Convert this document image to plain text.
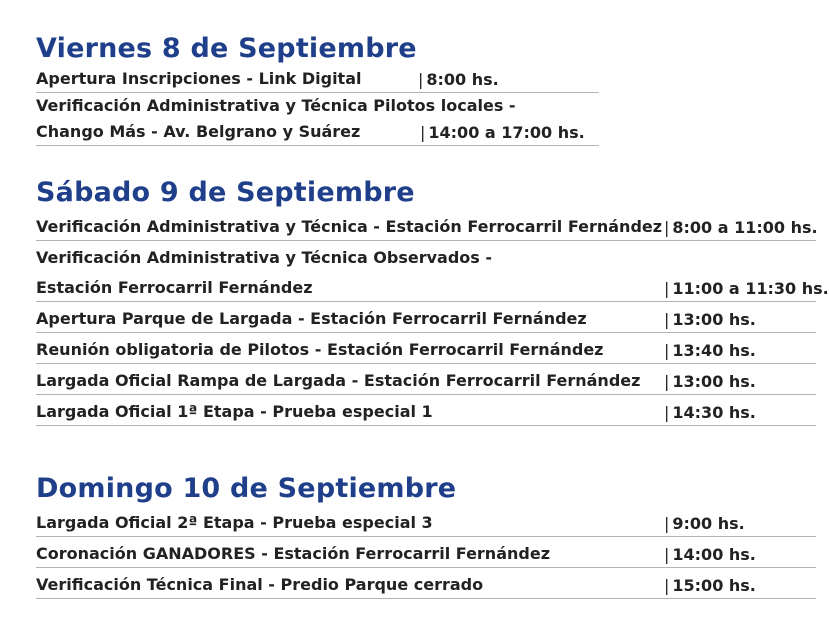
Viernes 8 de Septiembre
Apertura Inscripciones - Link Digital	| 8:00 hs.
Verificación Administrativa y Técnica Pilotos locales -
Chango Más - Av. Belgrano y Suárez	| 14:00 a 17:00 hs.
Sábado 9 de Septiembre
Verificación Administrativa y Técnica - Estación Ferrocarril Fernández | 8:00 a 11:00 hs.
Verificación Administrativa y Técnica Observados -
Estación Ferrocarril Fernández	| 11:00 a 11:30 hs.
Apertura Parque de Largada - Estación Ferrocarril Fernández	| 13:00 hs.
Reunión obligatoria de Pilotos - Estación Ferrocarril Fernández	| 13:40 hs.
Largada Oficial Rampa de Largada - Estación Ferrocarril Fernández	| 13:00 hs.
Largada Oficial 1ª Etapa - Prueba especial 1	| 14:30 hs.
Domingo 10 de Septiembre
Largada Oficial 2ª Etapa - Prueba especial 3	| 9:00 hs.
Coronación GANADORES - Estación Ferrocarril Fernández	| 14:00 hs.
Verificación Técnica Final - Predio Parque cerrado	| 15:00 hs.
